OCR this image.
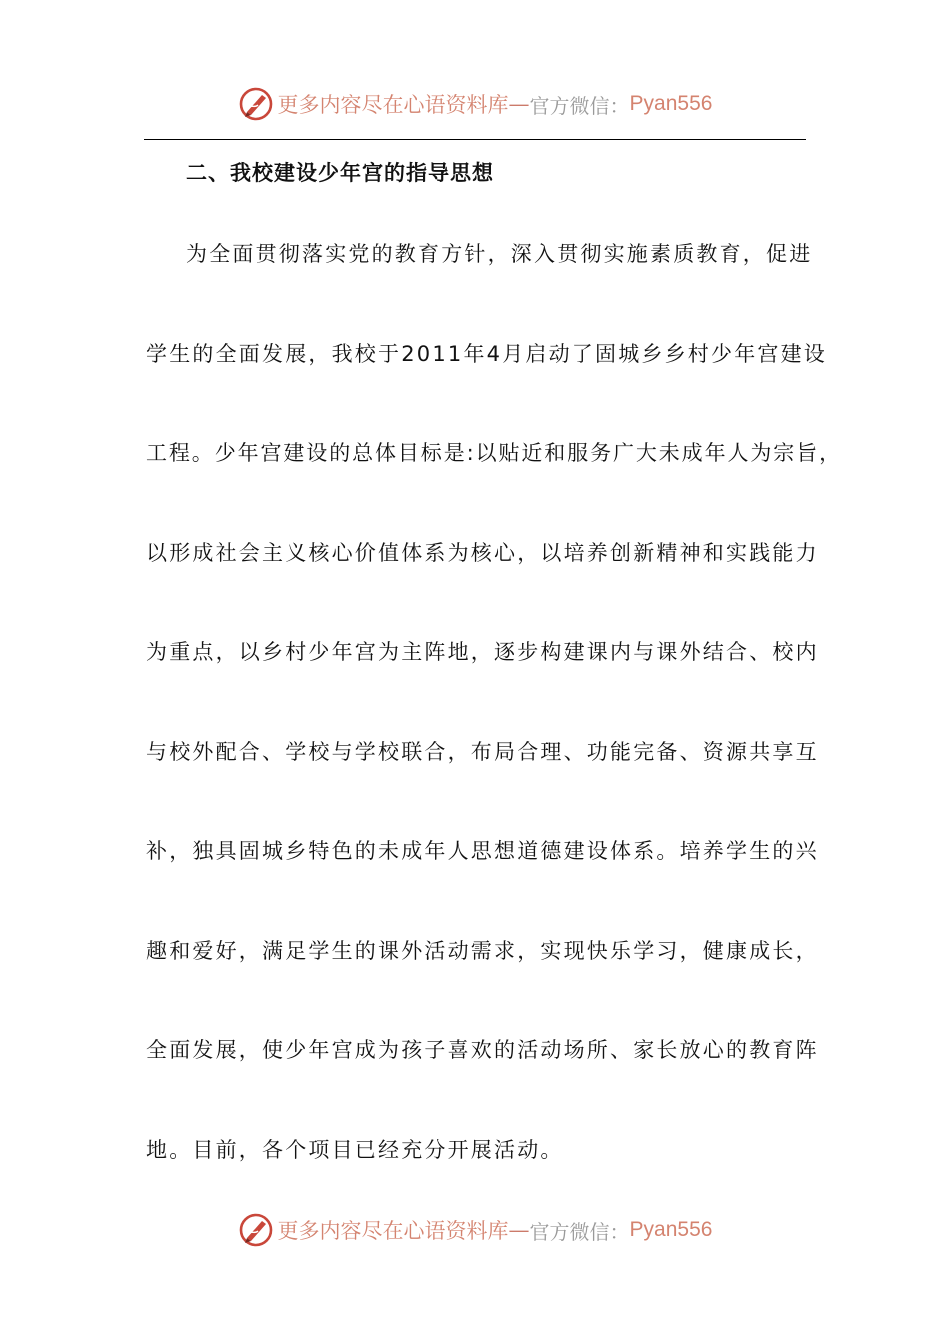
更多内容尽在心语资料库 — 官方微信： Pyan556
二、我校建设少年宫的指导思想
为全面贯彻落实党的教育方针，深入贯彻实施素质教育，促进
学生的全面发展，我校于2011年4月启动了固城乡乡村少年宫建设
工程。少年宫建设的总体目标是:以贴近和服务广大未成年人为宗旨，
以形成社会主义核心价值体系为核心，以培养创新精神和实践能力
为重点，以乡村少年宫为主阵地，逐步构建课内与课外结合、校内
与校外配合、学校与学校联合，布局合理、功能完备、资源共享互
补，独具固城乡特色的未成年人思想道德建设体系。培养学生的兴
趣和爱好，满足学生的课外活动需求，实现快乐学习，健康成长，
全面发展，使少年宫成为孩子喜欢的活动场所、家长放心的教育阵
地。目前，各个项目已经充分开展活动。
更多内容尽在心语资料库 — 官方微信： Pyan556
